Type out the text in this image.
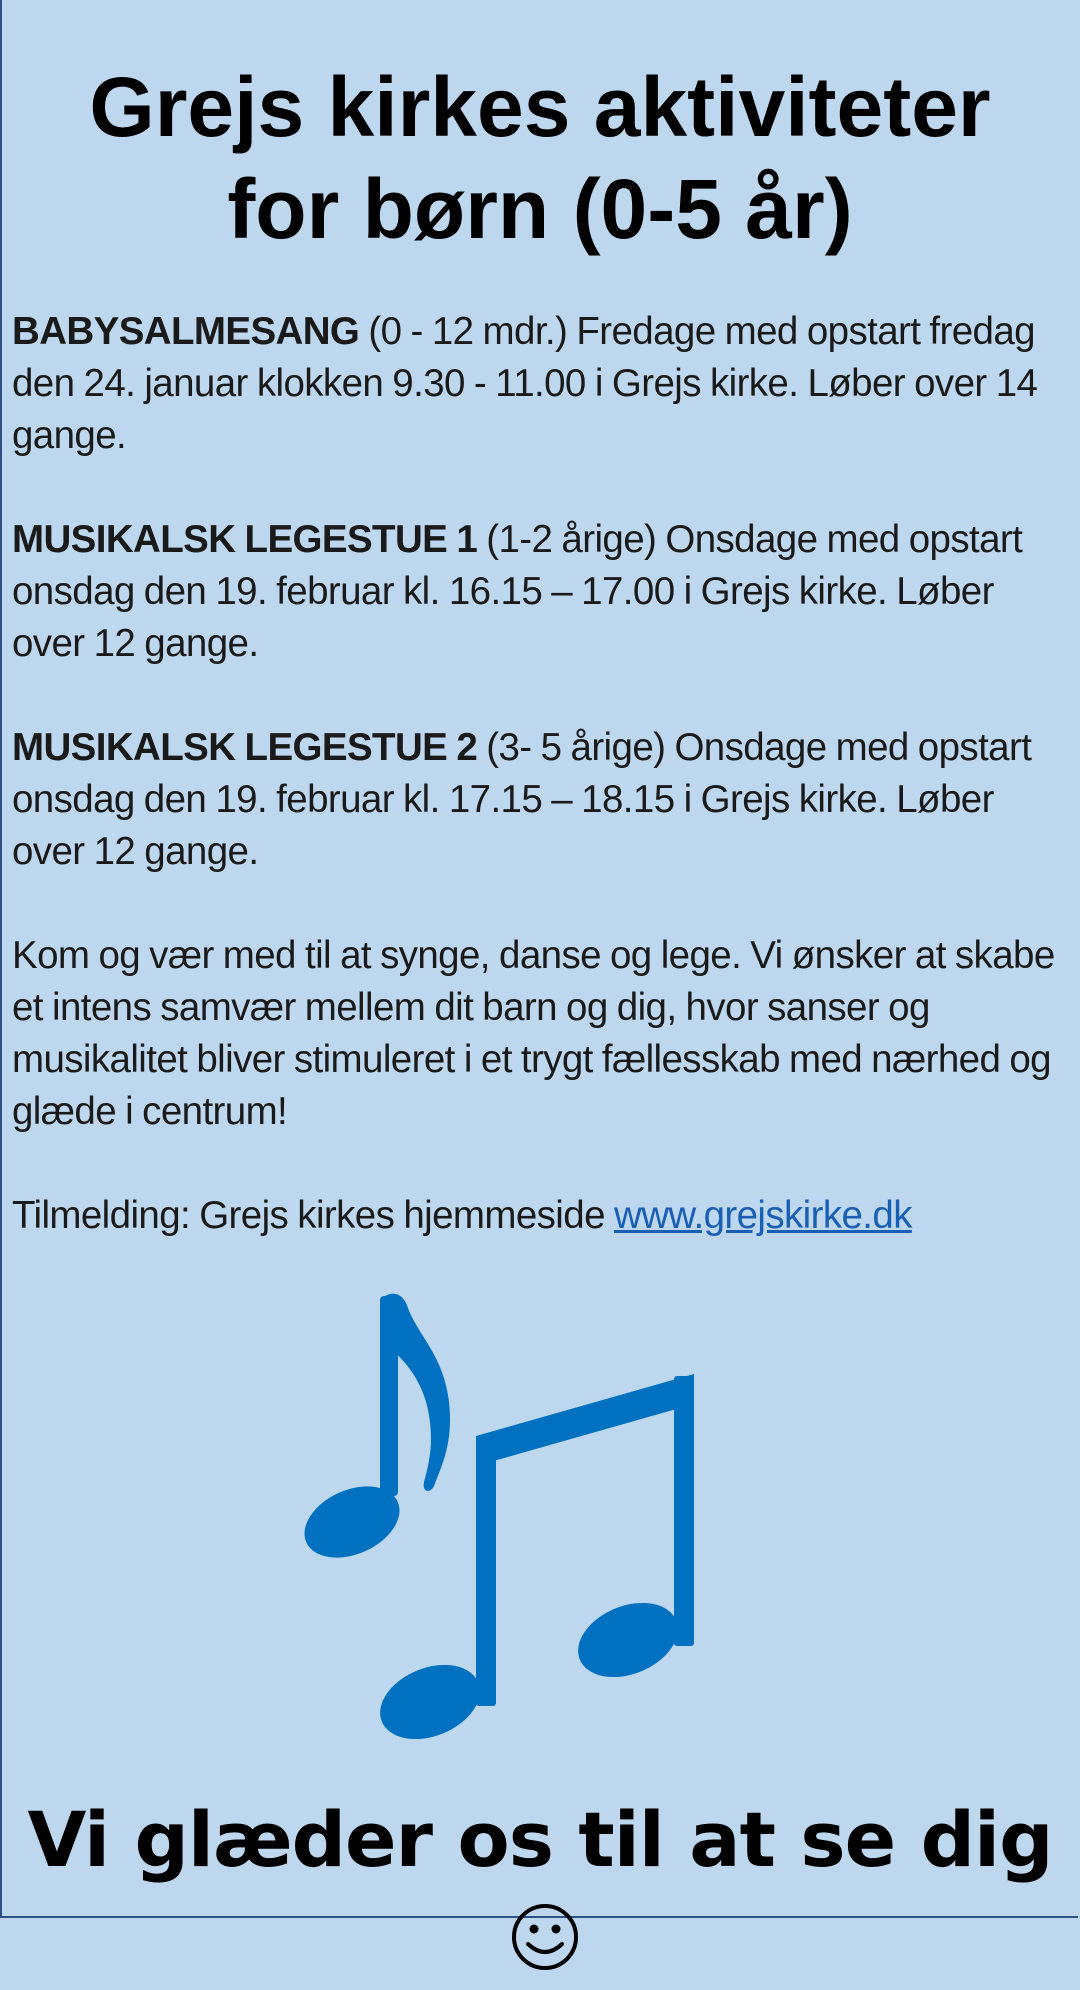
Grejs kirkes aktiviteter
for børn (0-5 år)

BABYSALMESANG (0 - 12 mdr.) Fredage med opstart fredag den 24. januar klokken 9.30 - 11.00 i Grejs kirke. Løber over 14 gange.

MUSIKALSK LEGESTUE 1 (1-2 årige) Onsdage med opstart onsdag den 19. februar kl. 16.15 – 17.00 i Grejs kirke. Løber over 12 gange.

MUSIKALSK LEGESTUE 2 (3- 5 årige) Onsdage med opstart onsdag den 19. februar kl. 17.15 – 18.15 i Grejs kirke. Løber over 12 gange.

Kom og vær med til at synge, danse og lege. Vi ønsker at skabe et intens samvær mellem dit barn og dig, hvor sanser og musikalitet bliver stimuleret i et trygt fællesskab med nærhed og glæde i centrum!

Tilmelding: Grejs kirkes hjemmeside www.grejskirke.dk

Vi glæder os til at se dig
